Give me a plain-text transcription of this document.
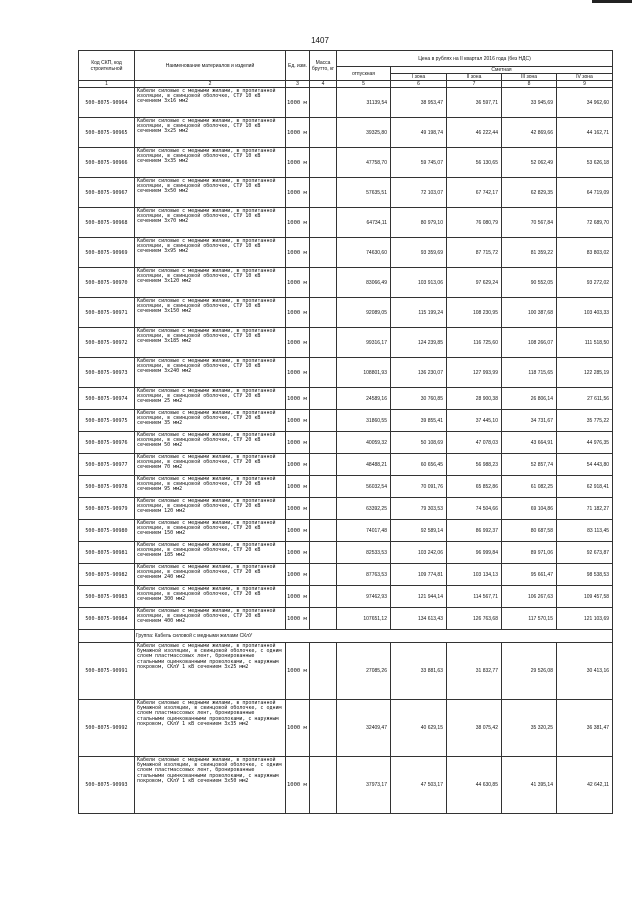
1407
Код СКП, код строительной	Наименование материалов и изделий	Ед. изм.	Масса брутто, кг	Цена в рублях на II квартал 2016 года (без НДС)				
				отпускная	Сметная			
					I зона	II зона	III зона	IV зона
1	2	3	4	5	6	7	8	9
500-8075-90964	Кабели силовые с медными жилами, в пропитанной изоляции, в свинцовой оболочке, СТУ 10 кВ сечением 3х16 мм2	1000 м		31139,54	38 953,47	36 597,71	33 945,69	34 962,60
500-8075-90965	Кабели силовые с медными жилами, в пропитанной изоляции, в свинцовой оболочке, СТУ 10 кВ сечением 3х25 мм2	1000 м		39325,80	49 198,74	46 222,44	42 869,66	44 162,71
500-8075-90966	Кабели силовые с медными жилами, в пропитанной изоляции, в свинцовой оболочке, СТУ 10 кВ сечением 3х35 мм2	1000 м		47758,70	59 745,07	56 130,65	52 062,49	53 626,18
500-8075-90967	Кабели силовые с медными жилами, в пропитанной изоляции, в свинцовой оболочке, СТУ 10 кВ сечением 3х50 мм2	1000 м		57635,51	72 103,07	67 742,17	62 829,35	64 719,09
500-8075-90968	Кабели силовые с медными жилами, в пропитанной изоляции, в свинцовой оболочке, СТУ 10 кВ сечением 3х70 мм2	1000 м		64734,11	80 979,10	76 080,79	70 567,84	72 689,70
500-8075-90969	Кабели силовые с медными жилами, в пропитанной изоляции, в свинцовой оболочке, СТУ 10 кВ сечением 3х95 мм2	1000 м		74630,60	93 359,69	87 715,72	81 359,22	83 803,02
500-8075-90970	Кабели силовые с медными жилами, в пропитанной изоляции, в свинцовой оболочке, СТУ 10 кВ сечением 3х120 мм2	1000 м		83066,49	103 913,06	97 629,24	90 552,05	93 272,02
500-8075-90971	Кабели силовые с медными жилами, в пропитанной изоляции, в свинцовой оболочке, СТУ 10 кВ сечением 3х150 мм2	1000 м		92089,05	115 199,24	108 230,95	100 387,68	103 403,33
500-8075-90972	Кабели силовые с медными жилами, в пропитанной изоляции, в свинцовой оболочке, СТУ 10 кВ сечением 3х185 мм2	1000 м		99316,17	124 239,85	116 725,60	108 266,07	111 518,50
500-8075-90973	Кабели силовые с медными жилами, в пропитанной изоляции, в свинцовой оболочке, СТУ 10 кВ сечением 3х240 мм2	1000 м		108801,93	136 230,07	127 993,99	118 715,65	122 285,19
500-8075-90974	Кабели силовые с медными жилами, в пропитанной изоляции, в свинцовой оболочке, СТУ 20 кВ сечением 25 мм2	1000 м		24589,16	30 760,85	28 900,38	26 806,14	27 611,56
500-8075-90975	Кабели силовые с медными жилами, в пропитанной изоляции, в свинцовой оболочке, СТУ 20 кВ сечением 35 мм2	1000 м		31860,55	39 855,41	37 445,10	34 731,67	35 775,22
500-8075-90976	Кабели силовые с медными жилами, в пропитанной изоляции, в свинцовой оболочке, СТУ 20 кВ сечением 50 мм2	1000 м		40059,32	50 108,69	47 078,03	43 664,91	44 976,35
500-8075-90977	Кабели силовые с медными жилами, в пропитанной изоляции, в свинцовой оболочке, СТУ 20 кВ сечением 70 мм2	1000 м		48488,21	60 656,45	56 988,23	52 857,74	54 443,80
500-8075-90978	Кабели силовые с медными жилами, в пропитанной изоляции, в свинцовой оболочке, СТУ 20 кВ сечением 95 мм2	1000 м		56032,54	70 091,76	65 852,86	61 082,25	62 918,41
500-8075-90979	Кабели силовые с медными жилами, в пропитанной изоляции, в свинцовой оболочке, СТУ 20 кВ сечением 120 мм2	1000 м		63392,25	79 303,53	74 504,66	69 104,86	71 182,27
500-8075-90980	Кабели силовые с медными жилами, в пропитанной изоляции, в свинцовой оболочке, СТУ 20 кВ сечением 150 мм2	1000 м		74017,48	92 589,14	86 992,37	80 687,58	83 113,45
500-8075-90981	Кабели силовые с медными жилами, в пропитанной изоляции, в свинцовой оболочке, СТУ 20 кВ сечением 185 мм2	1000 м		82533,53	103 242,06	96 999,84	89 971,06	92 673,87
500-8075-90982	Кабели силовые с медными жилами, в пропитанной изоляции, в свинцовой оболочке, СТУ 20 кВ сечением 240 мм2	1000 м		87763,53	109 774,81	103 134,13	95 661,47	98 538,53
500-8075-90983	Кабели силовые с медными жилами, в пропитанной изоляции, в свинцовой оболочке, СТУ 20 кВ сечением 300 мм2	1000 м		97462,93	121 944,14	114 567,71	106 267,63	109 457,58
500-8075-90984	Кабели силовые с медными жилами, в пропитанной изоляции, в свинцовой оболочке, СТУ 20 кВ сечением 400 мм2	1000 м		107651,12	134 613,43	126 763,68	117 570,15	121 103,69
	Группа: Кабель силовой с медными жилами СКлУ							
500-8075-90991	Кабели силовые с медными жилами, в пропитанной бумажной изоляции, в свинцовой оболочке, с одним слоем пластмассовых лент, бронированные стальными оцинкованными проволоками, с наружным покровом, СКлУ 1 кВ сечением 3х25 мм2	1000 м		27085,26	33 881,63	31 832,77	29 526,08	30 413,16
500-8075-90992	Кабели силовые с медными жилами, в пропитанной бумажной изоляции, в свинцовой оболочке, с одним слоем пластмассовых лент, бронированные стальными оцинкованными проволоками, с наружным покровом, СКлУ 1 кВ сечением 3х35 мм2	1000 м		32409,47	40 629,15	38 075,42	35 320,25	36 381,47
500-8075-90993	Кабели силовые с медными жилами, в пропитанной бумажной изоляции, в свинцовой оболочке, с одним слоем пластмассовых лент, бронированные стальными оцинкованными проволоками, с наружным покровом, СКлУ 1 кВ сечением 3х50 мм2	1000 м		37973,17	47 503,17	44 630,85	41 395,14	42 642,11
